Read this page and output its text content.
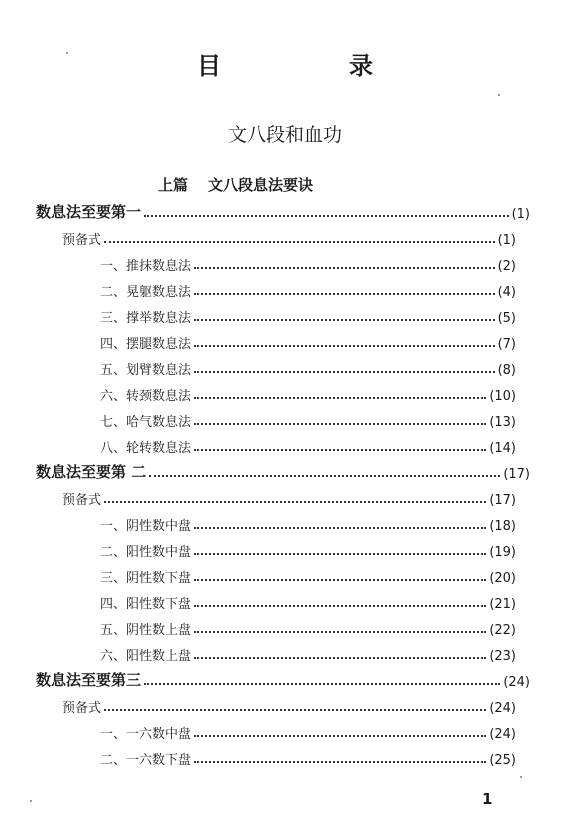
目　录
文八段和血功
上篇 文八段息法要诀
数息法至要第一	(1)
预备式	(1)
一、推抹数息法	(2)
二、晃躯数息法	(4)
三、撑举数息法	(5)
四、摆腿数息法	(7)
五、划臂数息法	(8)
六、转颈数息法	(10)
七、哈气数息法	(13)
八、轮转数息法	(14)
数息法至要第 二	(17)
预备式	(17)
一、阴性数中盘	(18)
二、阳性数中盘	(19)
三、阴性数下盘	(20)
四、阳性数下盘	(21)
五、阴性数上盘	(22)
六、阳性数上盘	(23)
数息法至要第三	(24)
预备式	(24)
一、一六数中盘	(24)
二、一六数下盘	(25)
1
